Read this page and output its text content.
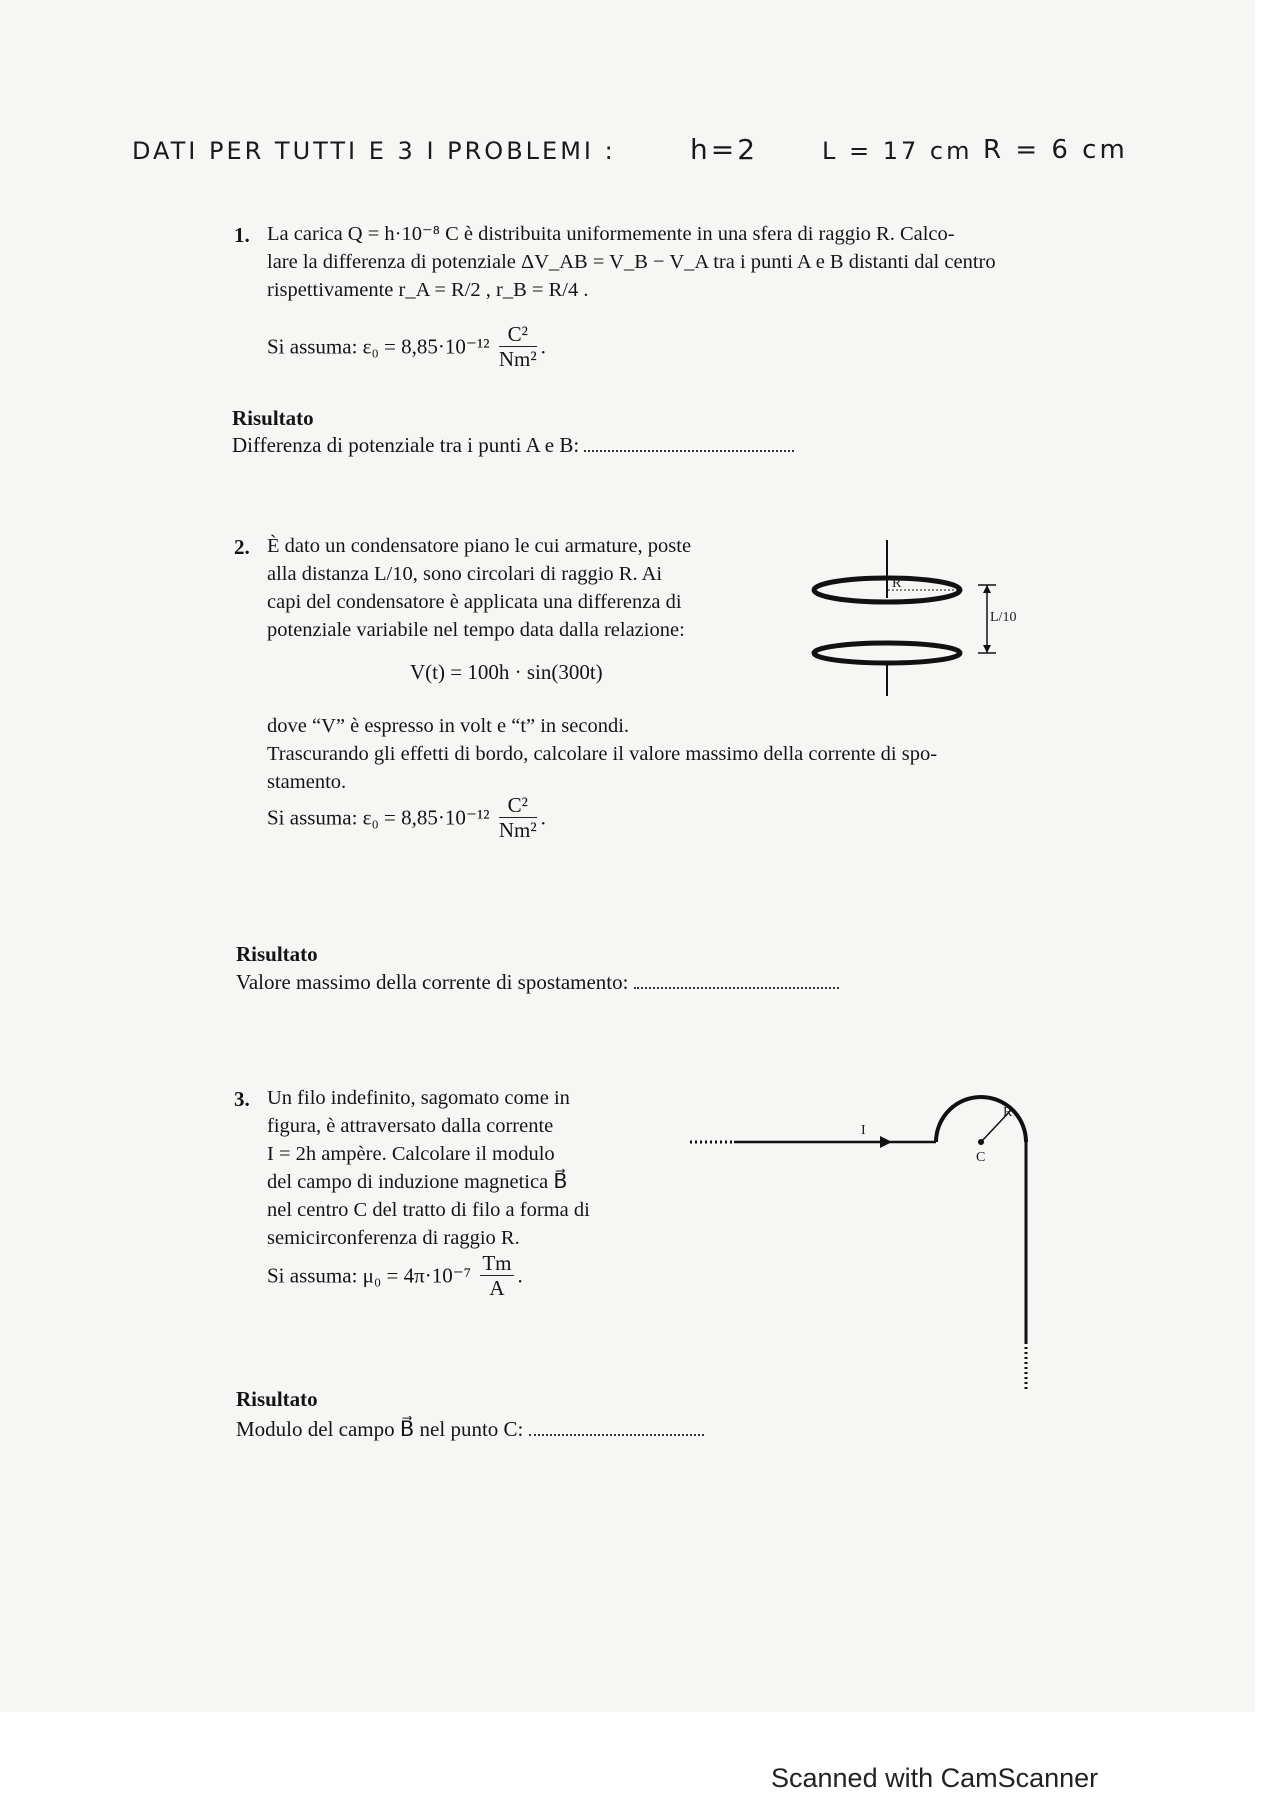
DATI PER TUTTI E 3 I PROBLEMI :	h=2	L = 17 cm R = 6 cm
1. La carica Q = h·10⁻⁸ C è distribuita uniformemente in una sfera di raggio R. Calco-
lare la differenza di potenziale ΔV_AB = V_B − V_A tra i punti A e B distanti dal centro
rispettivamente r_A = R/2 , r_B = R/4 .
Si assuma: $\varepsilon_0 = 8,85\cdot 10^{-12} \frac{\text{C²}}{\text{Nm²}}$ .
Risultato
Differenza di potenziale tra i punti A e B:
2. È dato un condensatore piano le cui armature, poste
alla distanza L/10, sono circolari di raggio R. Ai
capi del condensatore è applicata una differenza di
potenziale variabile nel tempo data dalla relazione:
V(t) = 100h · sin(300t)
dove “V” è espresso in volt e “t” in secondi.
Trascurando gli effetti di bordo, calcolare il valore massimo della corrente di spo-
stamento.
Si assuma: $\varepsilon_0 = 8,85\cdot 10^{-12} \frac{\text{C²}}{\text{Nm²}}$ .
R
L/10
Risultato
Valore massimo della corrente di spostamento:
3. Un filo indefinito, sagomato come in
figura, è attraversato dalla corrente
I = 2h ampère. Calcolare il modulo
del campo di induzione magnetica B⃗
nel centro C del tratto di filo a forma di
semicirconferenza di raggio R.
Si assuma: $\mu_0 = 4\pi\cdot 10^{-7} \frac{Tm}{A}$ .
I
R
C
Risultato
Modulo del campo B⃗ nel punto C:
Scanned with CamScanner
